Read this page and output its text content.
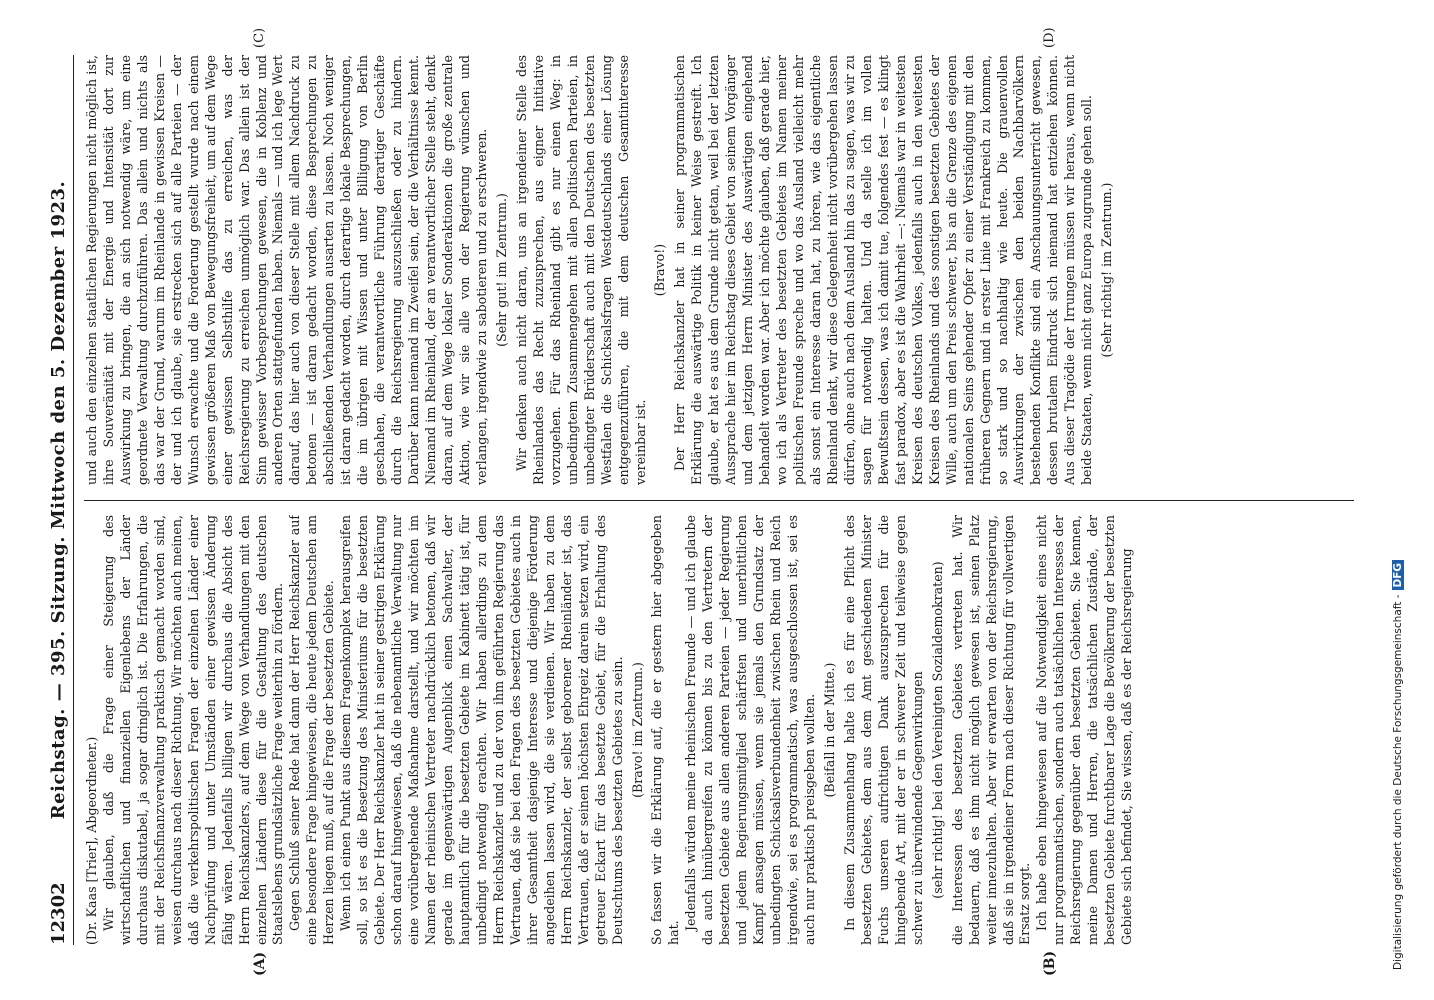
12302
Reichstag. — 395. Sitzung. Mittwoch den 5. Dezember 1923.
(A)	(B)
(C)	(D)

(Dr. Kaas [Trier], Abgeordneter.) Wir glauben, daß die Frage einer Steigerung des wirtschaftlichen und finanziellen Eigenlebens der Länder durchaus diskutabel, ja sogar dringlich ist. Die Erfahrungen, die mit der Reichsfinanzverwaltung praktisch gemacht worden sind, weisen durchaus nach dieser Richtung. Wir möchten auch meinen, daß die verkehrspolitischen Fragen der einzelnen Länder einer Nachprüfung und unter Umständen einer gewissen Änderung fähig wären. Jedenfalls billigen wir durchaus die Absicht des Herrn Reichskanzlers, auf dem Wege von Verhandlungen mit den einzelnen Ländern diese für die Gestaltung des deutschen Staatslebens grundsätzliche Frage weiterhin zu fördern. Gegen Schluß seiner Rede hat dann der Herr Reichskanzler auf eine besondere Frage hingewiesen, die heute jedem Deutschen am Herzen liegen muß, auf die Frage der besetzten Gebiete. Wenn ich einen Punkt aus diesem Fragenkomplex herausgreifen soll, so ist es die Besetzung des Ministeriums für die besetzten Gebiete. Der Herr Reichskanzler hat in seiner gestrigen Erklärung schon darauf hingewiesen, daß die nebenamtliche Verwaltung nur eine vorübergehende Maßnahme darstellt, und wir möchten im Namen der rheinischen Vertreter nachdrücklich betonen, daß wir gerade im gegenwärtigen Augenblick einen Sachwalter, der hauptamtlich für die besetzten Gebiete im Kabinett tätig ist, für unbedingt notwendig erachten. Wir haben allerdings zu dem Herrn Reichskanzler und zu der von ihm geführten Regierung das Vertrauen, daß sie bei den Fragen des besetzten Gebietes auch in ihrer Gesamtheit dasjenige Interesse und diejenige Förderung angedeihen lassen wird, die sie verdienen. Wir haben zu dem Herrn Reichskanzler, der selbst geborener Rheinländer ist, das Vertrauen, daß er seinen höchsten Ehrgeiz darein setzen wird, ein getreuer Eckart für das besetzte Gebiet, für die Erhaltung des Deutschtums des besetzten Gebietes zu sein. (Bravo! im Zentrum.) So fassen wir die Erklärung auf, die er gestern hier abgegeben hat.

Jedenfalls würden meine rheinischen Freunde — und ich glaube da auch hinübergreifen zu können bis zu den Vertretern der besetzten Gebiete aus allen anderen Parteien — jeder Regierung und jedem Regierungsmitglied schärfsten und unerbittlichen Kampf ansagen müssen, wenn sie jemals den Grundsatz der unbedingten Schicksalsverbundenheit zwischen Rhein und Reich irgendwie, sei es programmatisch, was ausgeschlossen ist, sei es auch nur praktisch preisgeben wollten. (Beifall in der Mitte.) In diesem Zusammenhang halte ich es für eine Pflicht des besetzten Gebietes, dem aus dem Amt geschiedenen Minister Fuchs unseren aufrichtigen Dank auszusprechen für die hingebende Art, mit der er in schwerer Zeit und teilweise gegen schwer zu überwindende Gegenwirkungen (sehr richtig! bei den Vereinigten Sozialdemokraten) die Interessen des besetzten Gebietes vertreten hat. Wir bedauern, daß es ihm nicht möglich gewesen ist, seinen Platz weiter innezuhalten. Aber wir erwarten von der Reichsregierung, daß sie in irgendeiner Form nach dieser Richtung für vollwertigen Ersatz sorgt. Ich habe eben hingewiesen auf die Notwendigkeit eines nicht nur programmatischen, sondern auch tatsächlichen Interesses der Reichsregierung gegenüber den besetzten Gebieten. Sie kennen, meine Damen und Herren, die tatsächlichen Zustände, der besetzten Gebiete furchtbarer Lage die Bevölkerung der besetzten Gebiete sich befindet, Sie wissen, daß es der Reichsregierung

und auch den einzelnen staatlichen Regierungen nicht möglich ist, ihre Souveränität mit der Energie und Intensität dort zur Auswirkung zu bringen, die an sich notwendig wäre, um eine geordnete Verwaltung durchzuführen. Das allein und nichts als das war der Grund, warum im Rheinlande in gewissen Kreisen — der und ich glaube, sie erstrecken sich auf alle Parteien — der Wunsch erwachte und die Forderung gestellt wurde nach einem gewissen größeren Maß von Bewegungsfreiheit, um auf dem Wege einer gewissen Selbsthilfe das zu erreichen, was der Reichsregierung zu erreichen unmöglich war. Das allein ist der Sinn gewisser Vorbesprechungen gewesen, die in Koblenz und anderen Orten stattgefunden haben. Niemals — und ich lege Wert darauf, das hier auch von dieser Stelle mit allem Nachdruck zu betonen — ist daran gedacht worden, diese Besprechungen zu abschließenden Verhandlungen ausarten zu lassen. Noch weniger ist daran gedacht worden, durch derartige lokale Besprechungen, die im übrigen mit Wissen und unter Billigung von Berlin geschahen, die verantwortliche Führung derartiger Geschäfte durch die Reichsregierung auszuschließen oder zu hindern. Darüber kann niemand im Zweifel sein, der die Verhältnisse kennt. Niemand im Rheinland, der an verantwortlicher Stelle steht, denkt daran, auf dem Wege lokaler Sonderaktionen die große zentrale Aktion, wie wir sie alle von der Regierung wünschen und verlangen, irgendwie zu sabotieren und zu erschweren. (Sehr gut! im Zentrum.) Wir denken auch nicht daran, uns an irgendeiner Stelle des Rheinlandes das Recht zuzusprechen, aus eigner Initiative vorzugehen. Für das Rheinland gibt es nur einen Weg: in unbedingtem Zusammengehen mit allen politischen Parteien, in unbedingter Brüderschaft auch mit den Deutschen des besetzten Westfalen die Schicksalsfragen Westdeutschlands einer Lösung entgegenzuführen, die mit dem deutschen Gesamtinteresse vereinbar ist.

(Bravo!) Der Herr Reichskanzler hat in seiner programmatischen Erklärung die auswärtige Politik in keiner Weise gestreift. Ich glaube, er hat es aus dem Grunde nicht getan, weil bei der letzten Aussprache hier im Reichstag dieses Gebiet von seinem Vorgänger und dem jetzigen Herrn Minister des Auswärtigen eingehend behandelt worden war. Aber ich möchte glauben, daß gerade hier, wo ich als Vertreter des besetzten Gebietes im Namen meiner politischen Freunde spreche und wo das Ausland vielleicht mehr als sonst ein Interesse daran hat, zu hören, wie das eigentliche Rheinland denkt, wir diese Gelegenheit nicht vorübergehen lassen dürfen, ohne auch nach dem Ausland hin das zu sagen, was wir zu sagen für notwendig halten. Und da stelle ich im vollen Bewußtsein dessen, was ich damit tue, folgendes fest — es klingt fast paradox, aber es ist die Wahrheit —: Niemals war in weitesten Kreisen des deutschen Volkes, jedenfalls auch in den weitesten Kreisen des Rheinlands und des sonstigen besetzten Gebietes der Wille, auch um den Preis schwerer, bis an die Grenze des eigenen nationalen Seins gehender Opfer zu einer Verständigung mit den früheren Gegnern und in erster Linie mit Frankreich zu kommen, so stark und so nachhaltig wie heute. Die grauenvollen Auswirkungen der zwischen den beiden Nachbarvölkern bestehenden Konflikte sind ein Anschauungsunterricht gewesen, dessen brutalem Eindruck sich niemand hat entziehen können. Aus dieser Tragödie der Irrungen müssen wir heraus, wenn nicht beide Staaten, wenn nicht ganz Europa zugrunde gehen soll. (Sehr richtig! im Zentrum.)

Digitalisierung gefördert durch die Deutsche Forschungsgemeinschaft -DFG
